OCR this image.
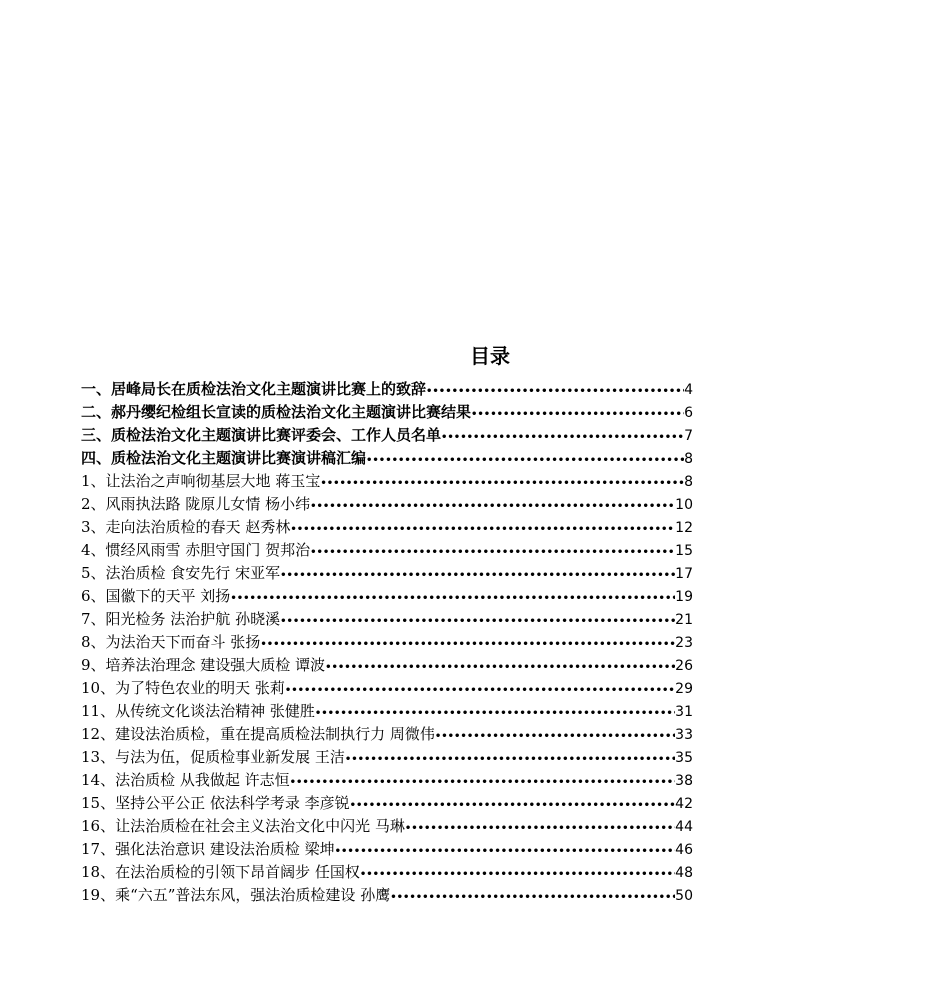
目录
一、居峰局长在质检法治文化主题演讲比赛上的致辞 •••••	4
二、郝丹缨纪检组长宣读的质检法治文化主题演讲比赛结果 •••••	6
三、质检法治文化主题演讲比赛评委会、工作人员名单 •••••	7
四、质检法治文化主题演讲比赛演讲稿汇编 •••••	8
1、让法治之声响彻基层大地 蒋玉宝 •••••	8
2、风雨执法路 陇原儿女情 杨小纬 •••••	10
3、走向法治质检的春天 赵秀林 •••••	12
4、惯经风雨雪 赤胆守国门 贺邦治 •••••	15
5、法治质检 食安先行 宋亚军 •••••	17
6、国徽下的天平 刘扬 •••••	19
7、阳光检务 法治护航 孙晓溪 •••••	21
8、为法治天下而奋斗 张扬 •••••	23
9、培养法治理念 建设强大质检 谭波 •••••	26
10、为了特色农业的明天 张莉 •••••	29
11、从传统文化谈法治精神 张健胜 •••••	31
12、建设法治质检，重在提高质检法制执行力 周微伟 •••••	33
13、与法为伍，促质检事业新发展 王洁 •••••	35
14、法治质检 从我做起 许志恒 •••••	38
15、坚持公平公正 依法科学考录 李彦锐 •••••	42
16、让法治质检在社会主义法治文化中闪光 马琳 •••••	44
17、强化法治意识 建设法治质检 梁坤 •••••	46
18、在法治质检的引领下昂首阔步 任国权 •••••	48
19、乘“六五”普法东风，强法治质检建设 孙鹰 •••••	50
